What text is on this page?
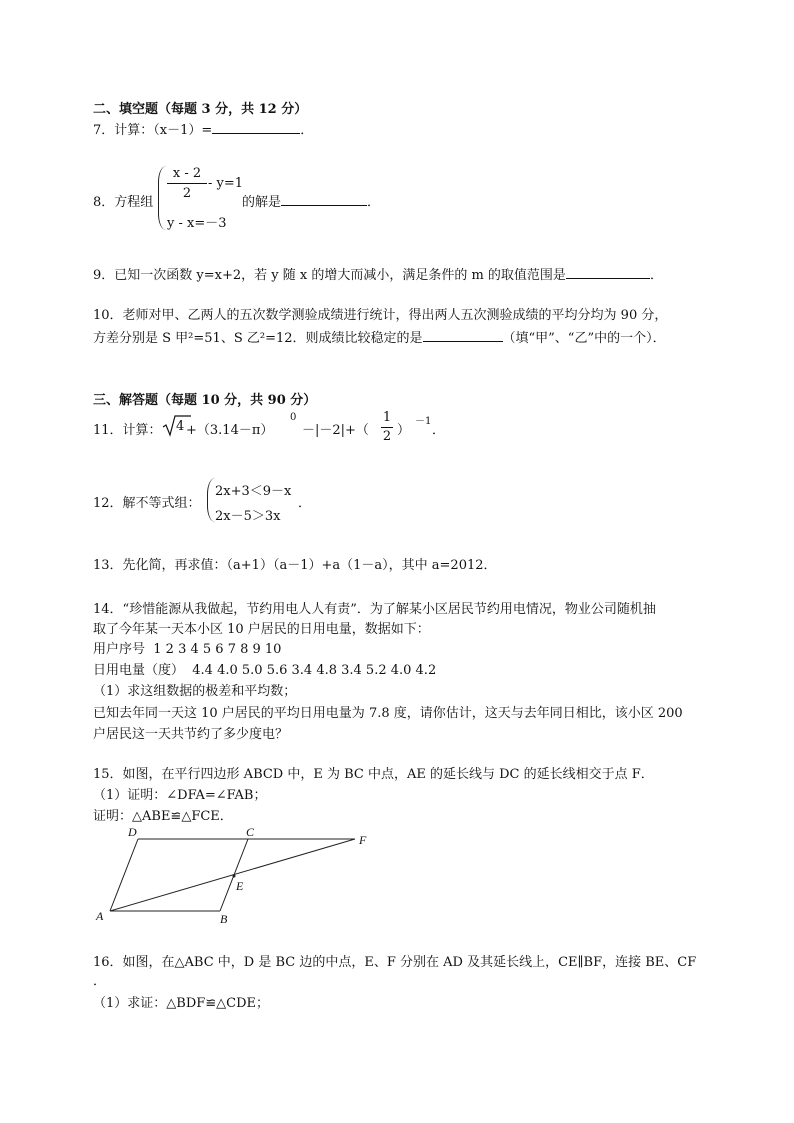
二、填空题（每题 3 分，共 12 分）
7．计算：（x－1）=	．
8．方程组
x - 2
2
- y=1
y - x=－3
的解是	．
9．已知一次函数 y=x+2，若 y 随 x 的增大而减小，满足条件的 m 的取值范围是	．
10．老师对甲、乙两人的五次数学测验成绩进行统计，得出两人五次测验成绩的平均分均为 90 分，
方差分别是 S 甲²=51、S 乙²=12．则成绩比较稳定的是	（填“甲”、“乙”中的一个）．
三、解答题（每题 10 分，共 90 分）
11．计算： 4 +（3.14－π）
0
－|－2|+（
1
2 ）
－1
．
12．解不等式组：
2x+3＜9－x
2x－5＞3x
．
13．先化简，再求值：（a+1）（a－1）+a（1－a），其中 a=2012．
14．“珍惜能源从我做起，节约用电人人有责”．为了解某小区居民节约用电情况，物业公司随机抽
取了今年某一天本小区 10 户居民的日用电量，数据如下：
用户序号 1 2 3 4 5 6 7 8 9 10
日用电量（度） 4.4 4.0 5.0 5.6 3.4 4.8 3.4 5.2 4.0 4.2
（1）求这组数据的极差和平均数；
已知去年同一天这 10 户居民的平均日用电量为 7.8 度，请你估计，这天与去年同日相比，该小区 200
户居民这一天共节约了多少度电？
15．如图，在平行四边形 ABCD 中，E 为 BC 中点，AE 的延长线与 DC 的延长线相交于点 F．
（1）证明：∠DFA=∠FAB；
证明：△ABE≌△FCE．
D	C
F
E
A	B
16．如图，在△ABC 中，D 是 BC 边的中点，E、F 分别在 AD 及其延长线上，CE∥BF，连接 BE、CF
．
（1）求证：△BDF≌△CDE；
